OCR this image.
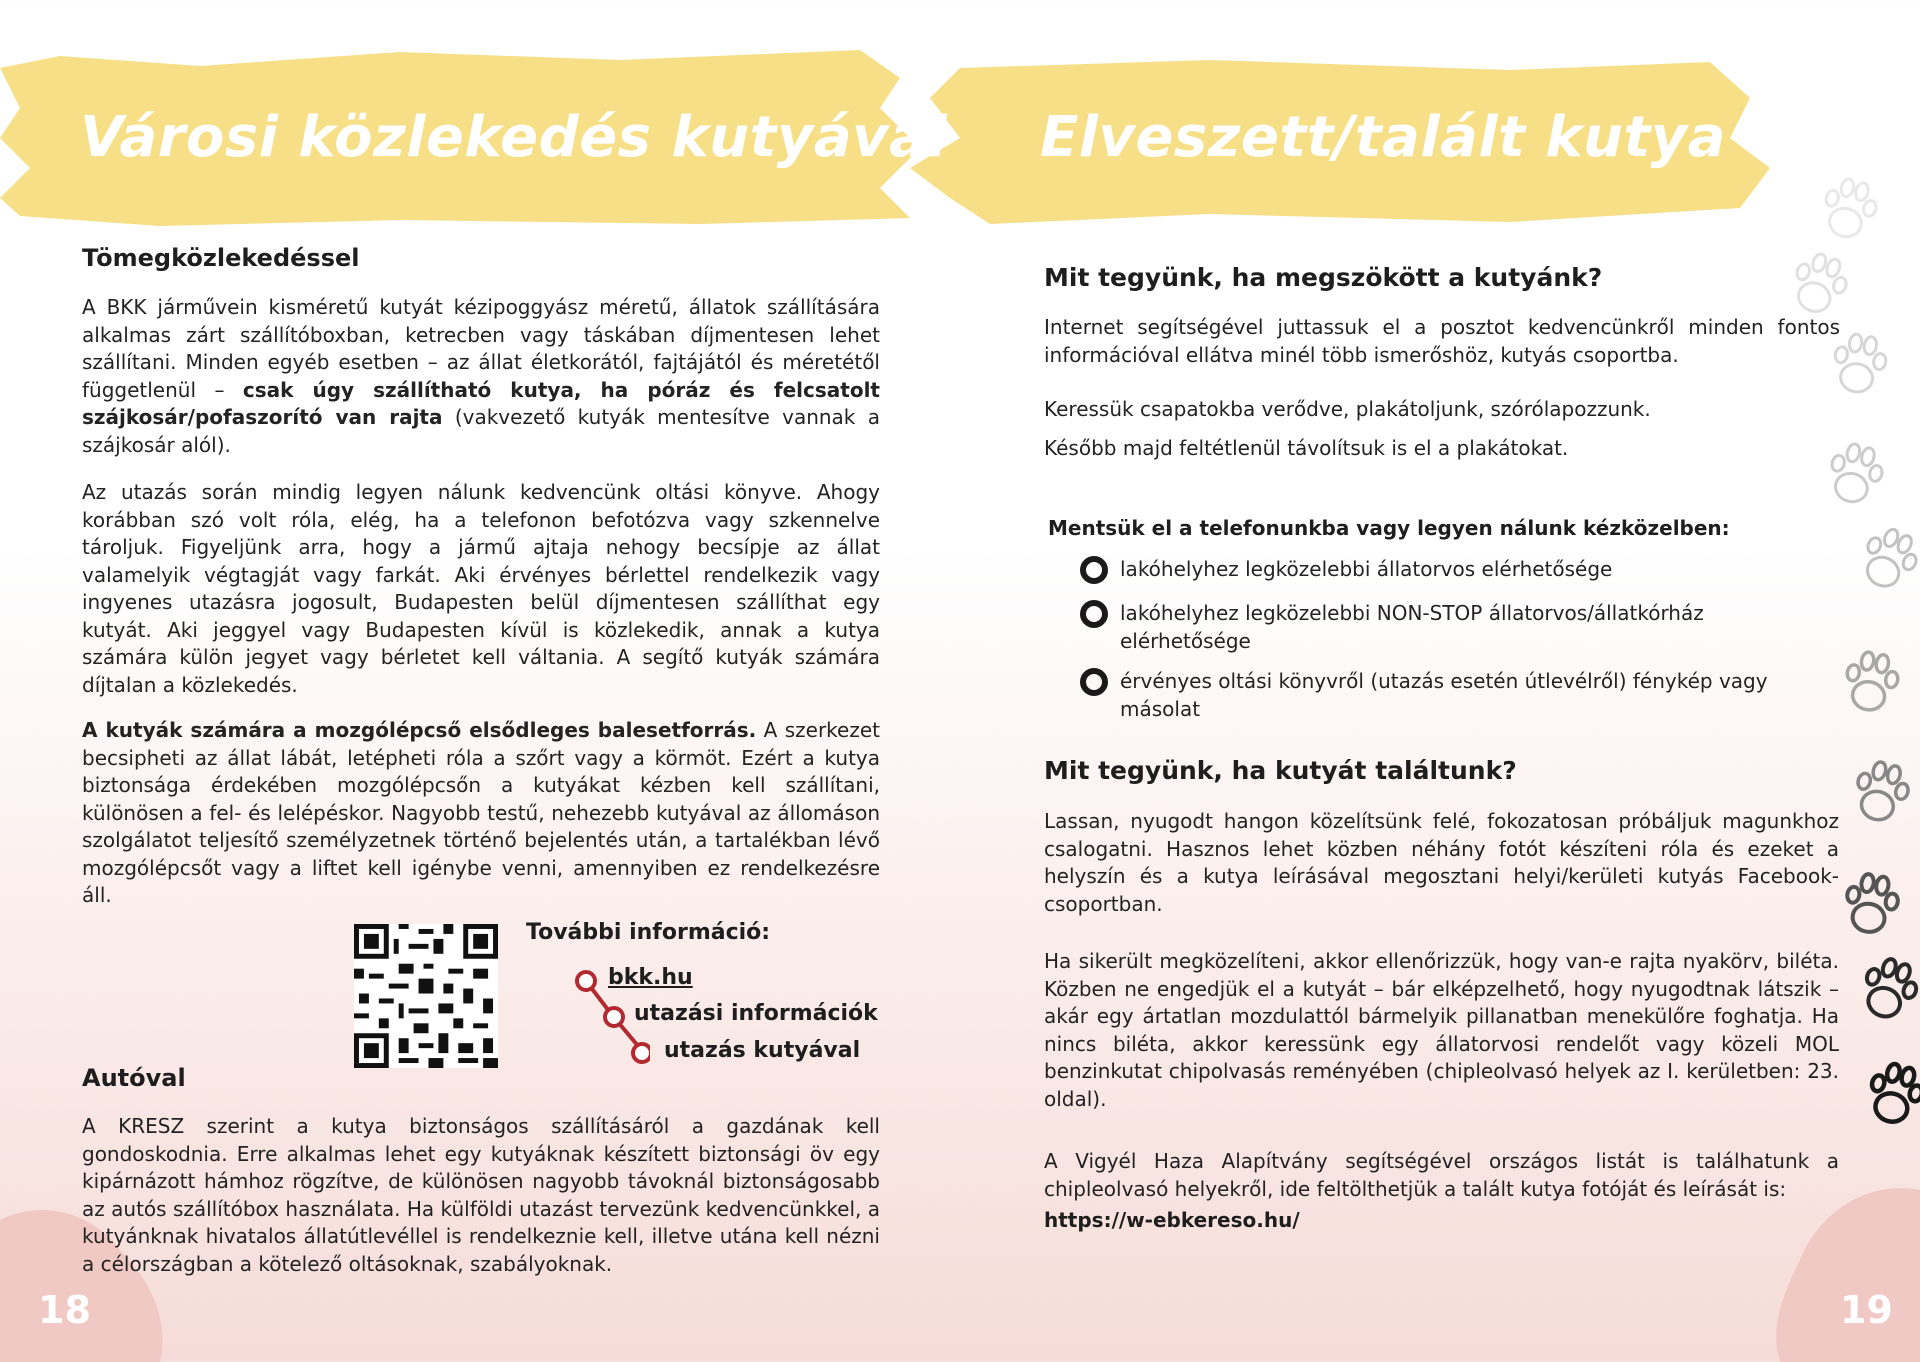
Városi közlekedés kutyával Elveszett/talált kutya
Tömegközlekedéssel
A BKK járművein kisméretű kutyát kézipoggyász méretű, állatok szállítására alkalmas zárt szállítóboxban, ketrecben vagy táskában díjmentesen lehet szállítani. Minden egyéb esetben – az állat életkorától, fajtájától és méretétől függetlenül – csak úgy szállítható kutya, ha póráz és felcsatolt szájkosár/pofaszorító van rajta (vakvezető kutyák mentesítve vannak a szájkosár alól).
Az utazás során mindig legyen nálunk kedvencünk oltási könyve. Ahogy korábban szó volt róla, elég, ha a telefonon befotózva vagy szkennelve tároljuk. Figyeljünk arra, hogy a jármű ajtaja nehogy becsípje az állat valamelyik végtagját vagy farkát. Aki érvényes bérlettel rendelkezik vagy ingyenes utazásra jogosult, Budapesten belül díjmentesen szállíthat egy kutyát. Aki jeggyel vagy Budapesten kívül is közlekedik, annak a kutya számára külön jegyet vagy bérletet kell váltania. A segítő kutyák számára díjtalan a közlekedés.
A kutyák számára a mozgólépcső elsődleges balesetforrás. A szerkezet becsipheti az állat lábát, letépheti róla a szőrt vagy a körmöt. Ezért a kutya biztonsága érdekében mozgólépcsőn a kutyákat kézben kell szállítani, különösen a fel- és lelépéskor. Nagyobb testű, nehezebb kutyával az állomáson szolgálatot teljesítő személyzetnek történő bejelentés után, a tartalékban lévő mozgólépcsőt vagy a liftet kell igénybe venni, amennyiben ez rendelkezésre áll.
További információ:
bkk.hu
utazási információk
utazás kutyával
Autóval
A KRESZ szerint a kutya biztonságos szállításáról a gazdának kell gondoskodnia. Erre alkalmas lehet egy kutyáknak készített biztonsági öv egy kipárnázott hámhoz rögzítve, de különösen nagyobb távoknál biztonságosabb az autós szállítóbox használata. Ha külföldi utazást tervezünk kedvencünkkel, a kutyánknak hivatalos állatútlevéllel is rendelkeznie kell, illetve utána kell nézni a célországban a kötelező oltásoknak, szabályoknak.
18
Mit tegyünk, ha megszökött a kutyánk?
Internet segítségével juttassuk el a posztot kedvencünkről minden fontos információval ellátva minél több ismerőshöz, kutyás csoportba.
Keressük csapatokba verődve, plakátoljunk, szórólapozzunk.
Később majd feltétlenül távolítsuk is el a plakátokat.
Mentsük el a telefonunkba vagy legyen nálunk kézközelben:
lakóhelyhez legközelebbi állatorvos elérhetősége
lakóhelyhez legközelebbi NON-STOP állatorvos/állatkórház elérhetősége
érvényes oltási könyvről (utazás esetén útlevélről) fénykép vagy másolat
Mit tegyünk, ha kutyát találtunk?
Lassan, nyugodt hangon közelítsünk felé, fokozatosan próbáljuk magunkhoz csalogatni. Hasznos lehet közben néhány fotót készíteni róla és ezeket a helyszín és a kutya leírásával megosztani helyi/kerületi kutyás Facebook-csoportban.
Ha sikerült megközelíteni, akkor ellenőrizzük, hogy van-e rajta nyakörv, biléta. Közben ne engedjük el a kutyát – bár elképzelhető, hogy nyugodtnak látszik – akár egy ártatlan mozdulattól bármelyik pillanatban menekülőre foghatja. Ha nincs biléta, akkor keressünk egy állatorvosi rendelőt vagy közeli MOL benzinkutat chipolvasás reményében (chipleolvasó helyek az I. kerületben: 23. oldal).
A Vigyél Haza Alapítvány segítségével országos listát is találhatunk a chipleolvasó helyekről, ide feltölthetjük a talált kutya fotóját és leírását is:
https://w-ebkereso.hu/
19
